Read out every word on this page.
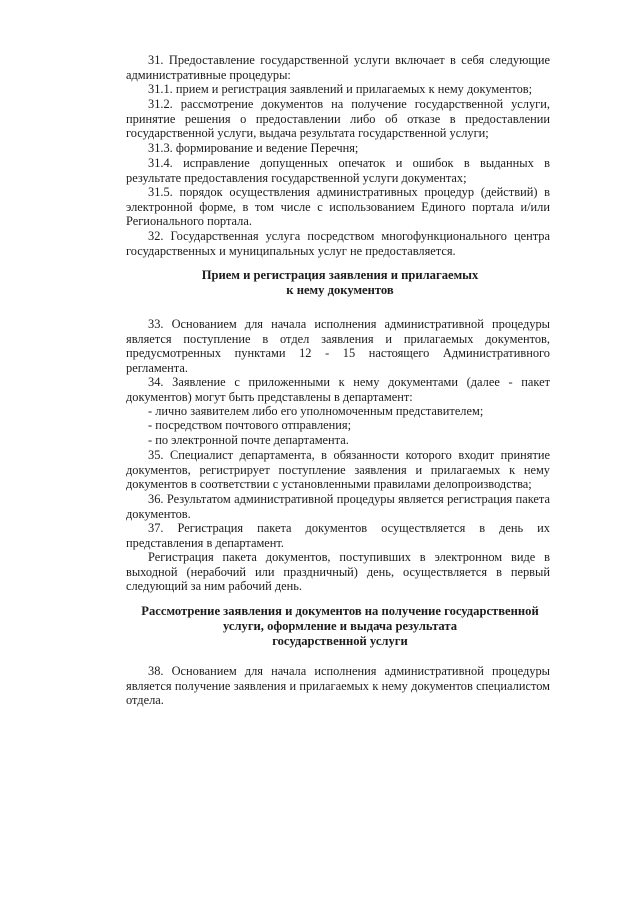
31. Предоставление государственной услуги включает в себя следующие административные процедуры:

31.1. прием и регистрация заявлений и прилагаемых к нему документов;

31.2. рассмотрение документов на получение государственной услуги, принятие решения о предоставлении либо об отказе в предоставлении государственной услуги, выдача результата государственной услуги;

31.3. формирование и ведение Перечня;

31.4. исправление допущенных опечаток и ошибок в выданных в результате предоставления государственной услуги документах;

31.5. порядок осуществления административных процедур (действий) в электронной форме, в том числе с использованием Единого портала и/или Регионального портала.

32. Государственная услуга посредством многофункционального центра государственных и муниципальных услуг не предоставляется.

Прием и регистрация заявления и прилагаемых

к нему документов

33. Основанием для начала исполнения административной процедуры является поступление в отдел заявления и прилагаемых документов, предусмотренных пунктами 12 - 15 настоящего Административного регламента.

34. Заявление с приложенными к нему документами (далее - пакет документов) могут быть представлены в департамент:

- лично заявителем либо его уполномоченным представителем;

- посредством почтового отправления;

- по электронной почте департамента.

35. Специалист департамента, в обязанности которого входит принятие документов, регистрирует поступление заявления и прилагаемых к нему документов в соответствии с установленными правилами делопроизводства;

36. Результатом административной процедуры является регистрация пакета документов.

37. Регистрация пакета документов осуществляется в день их представления в департамент.

Регистрация пакета документов, поступивших в электронном виде в выходной (нерабочий или праздничный) день, осуществляется в первый следующий за ним рабочий день.

Рассмотрение заявления и документов на получение государственной

услуги, оформление и выдача результата

государственной услуги

38. Основанием для начала исполнения административной процедуры является получение заявления и прилагаемых к нему документов специалистом отдела.
